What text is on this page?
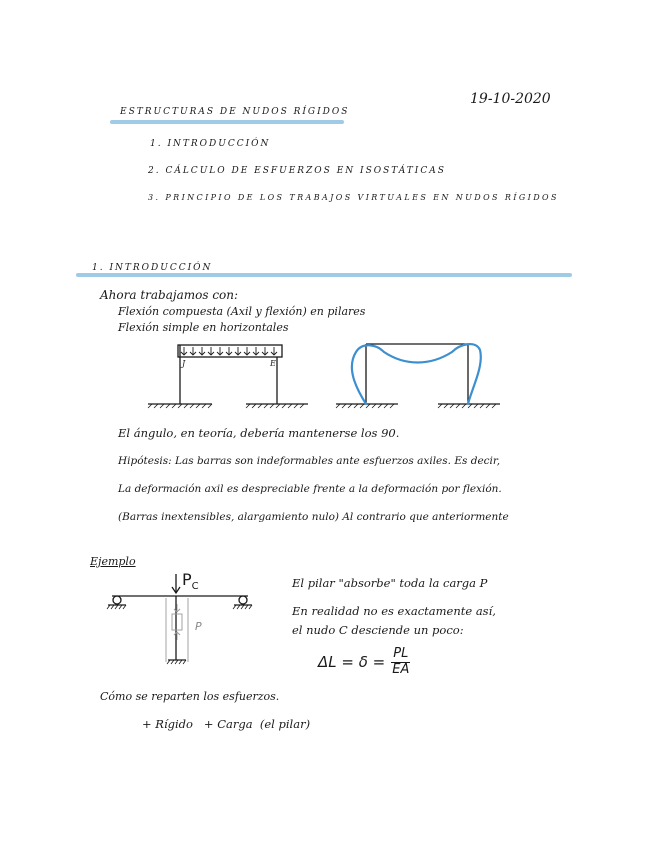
19-10-2020
ESTRUCTURAS DE NUDOS RÍGIDOS
1. INTRODUCCIÓN
2. CÁLCULO DE ESFUERZOS EN ISOSTÁTICAS
3. PRINCIPIO DE LOS TRABAJOS VIRTUALES EN NUDOS RÍGIDOS
1. INTRODUCCIÓN
Ahora trabajamos con:
Flexión compuesta (Axil y flexión) en pilares
Flexión simple en horizontales
J	E
P
El ángulo, en teoría, debería mantenerse los 90.
Hipótesis: Las barras son indeformables ante esfuerzos axiles. Es decir,
La deformación axil es despreciable frente a la deformación por flexión.
(Barras inextensibles, alargamiento nulo) Al contrario que anteriormente
Ejemplo
$P_C$	El pilar "absorbe" toda la carga P
En realidad no es exactamente así,
el nudo C desciende un poco:
$\Delta L = \delta = \frac{PL}{EA}$
Cómo se reparten los esfuerzos.
+ Rígido   + Carga  (el pilar)
